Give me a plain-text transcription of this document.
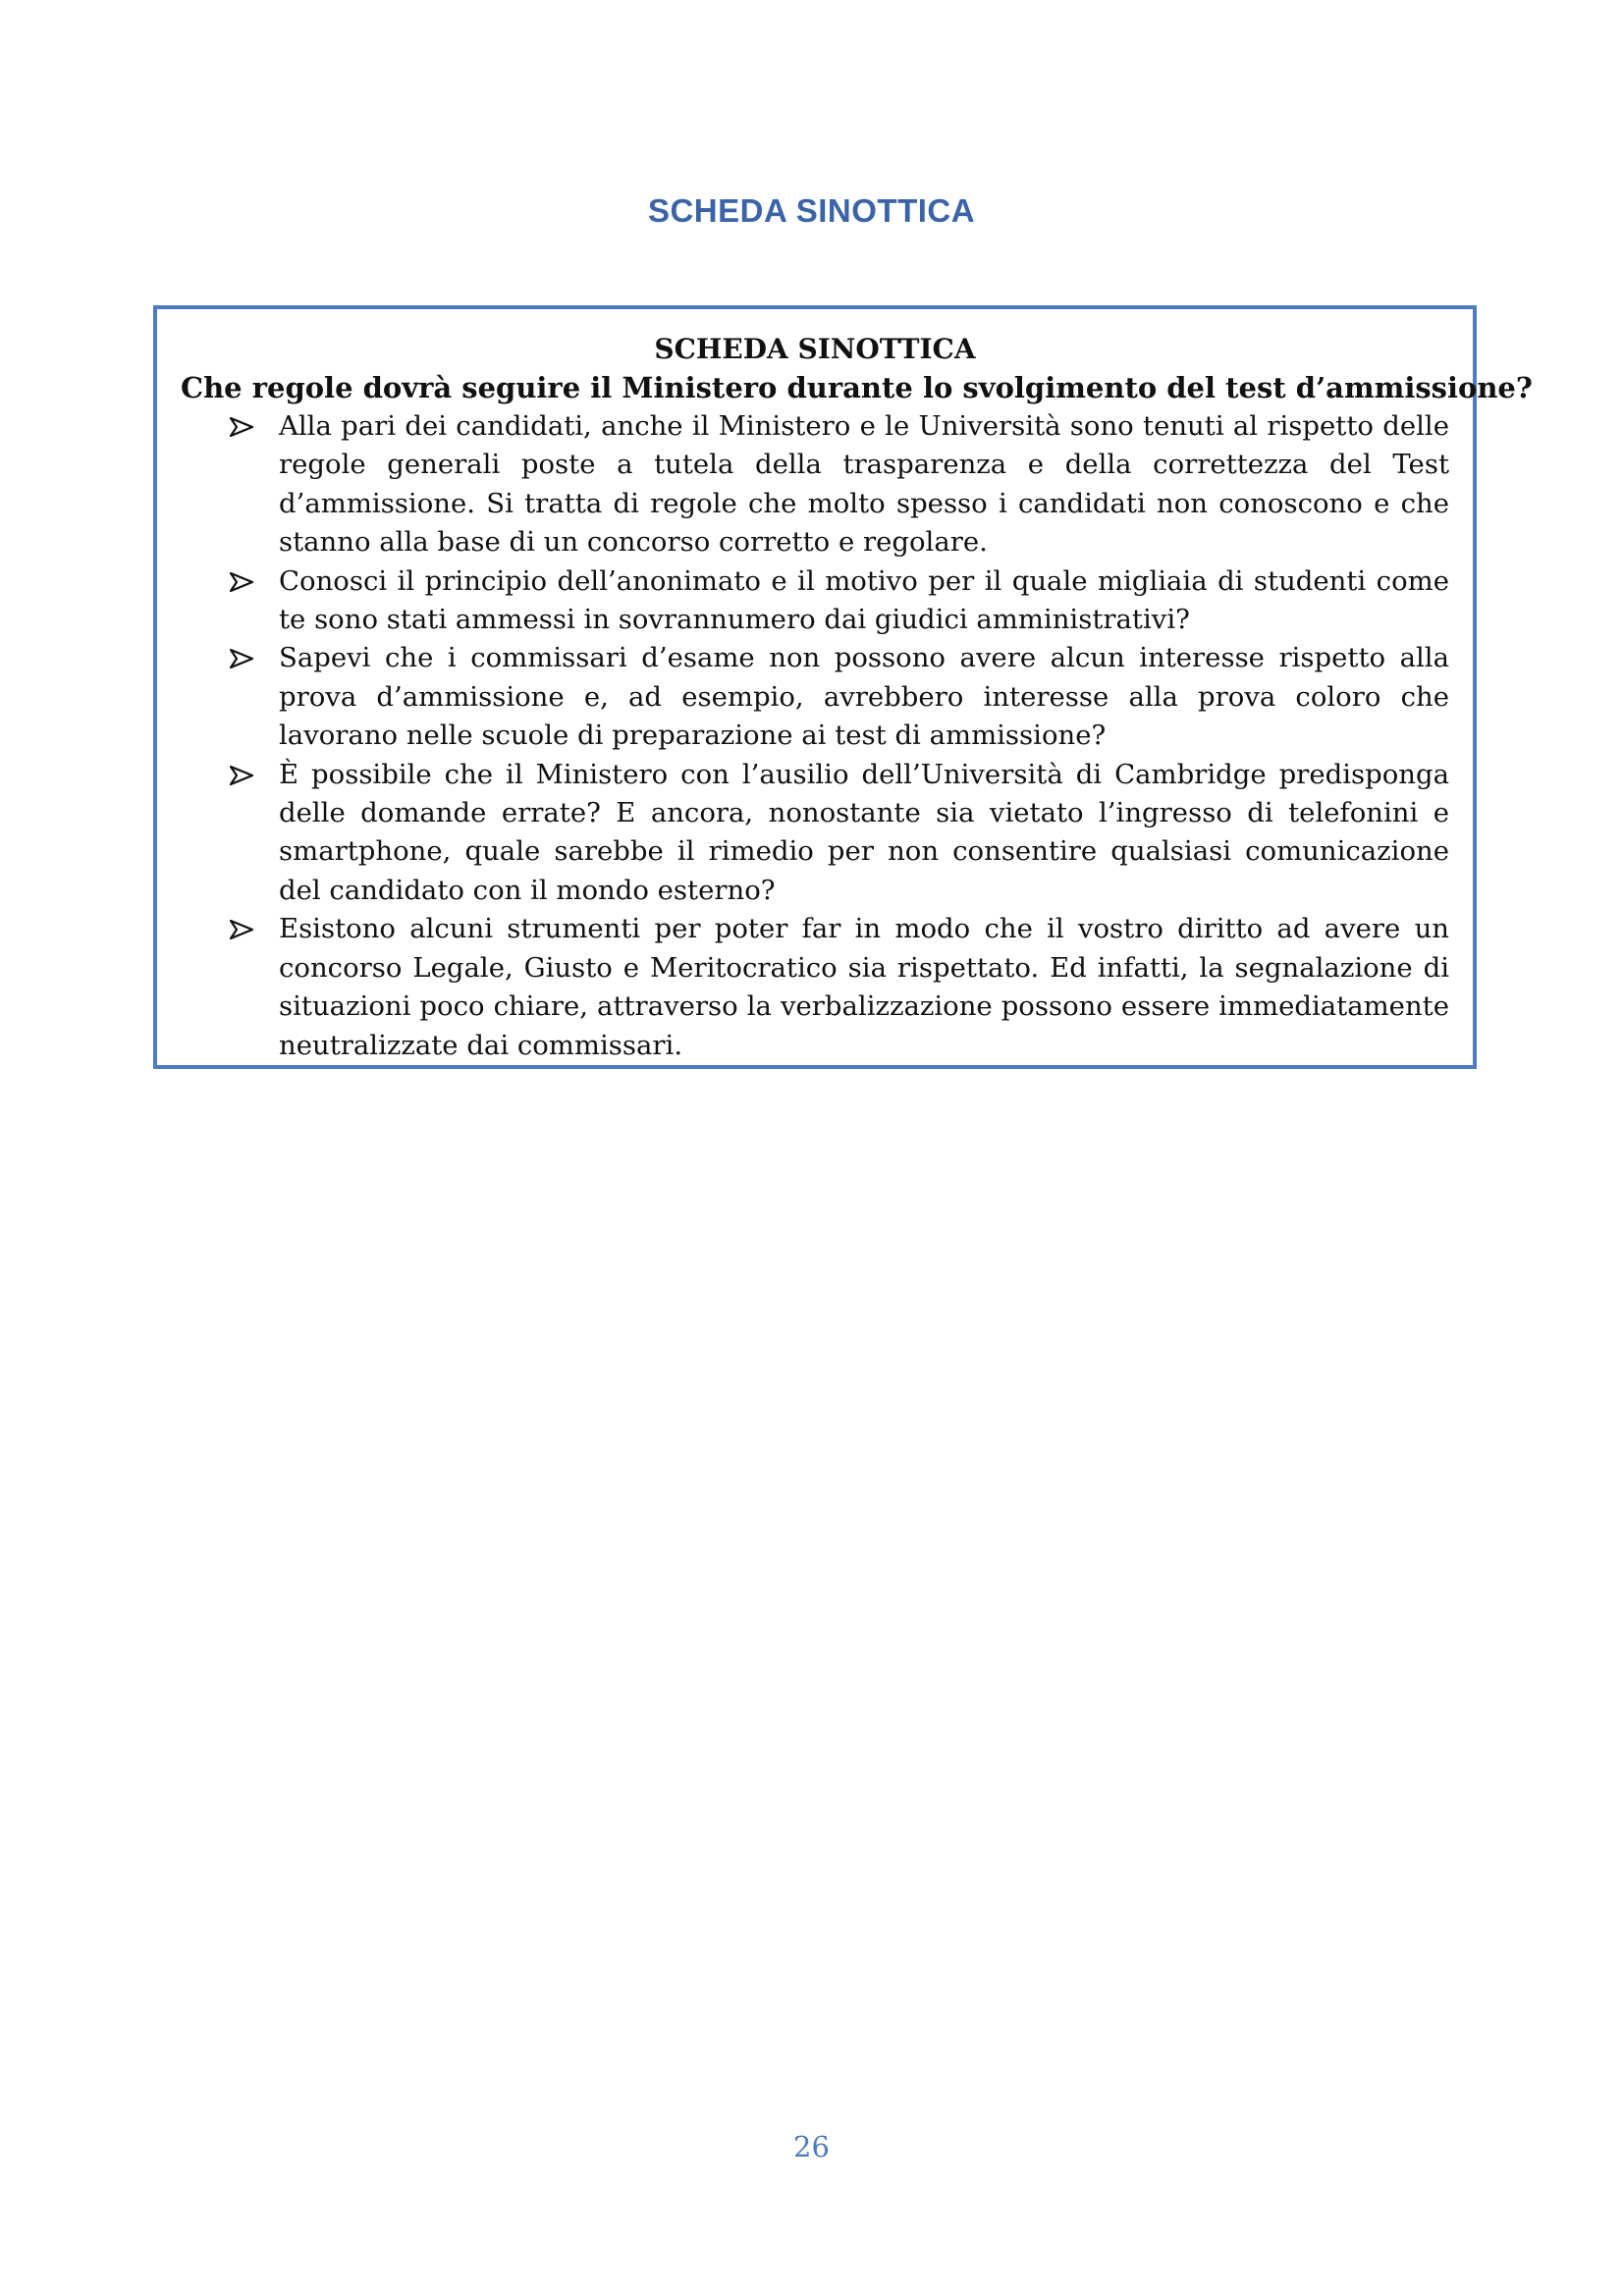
SCHEDA SINOTTICA

SCHEDA SINOTTICA

Che regole dovrà seguire il Ministero durante lo svolgimento del test d’ammissione?

Alla pari dei candidati, anche il Ministero e le Università sono tenuti al rispetto delle regole generali poste a tutela della trasparenza e della correttezza del Test d’ammissione. Si tratta di regole che molto spesso i candidati non conoscono e che stanno alla base di un concorso corretto e regolare.
Conosci il principio dell’anonimato e il motivo per il quale migliaia di studenti come te sono stati ammessi in sovrannumero dai giudici amministrativi?
Sapevi che i commissari d’esame non possono avere alcun interesse rispetto alla prova d’ammissione e, ad esempio, avrebbero interesse alla prova coloro che lavorano nelle scuole di preparazione ai test di ammissione?
È possibile che il Ministero con l’ausilio dell’Università di Cambridge predisponga delle domande errate? E ancora, nonostante sia vietato l’ingresso di telefonini e smartphone, quale sarebbe il rimedio per non consentire qualsiasi comunicazione del candidato con il mondo esterno?
Esistono alcuni strumenti per poter far in modo che il vostro diritto ad avere un concorso Legale, Giusto e Meritocratico sia rispettato. Ed infatti, la segnalazione di situazioni poco chiare, attraverso la verbalizzazione possono essere immediatamente neutralizzate dai commissari.
26
